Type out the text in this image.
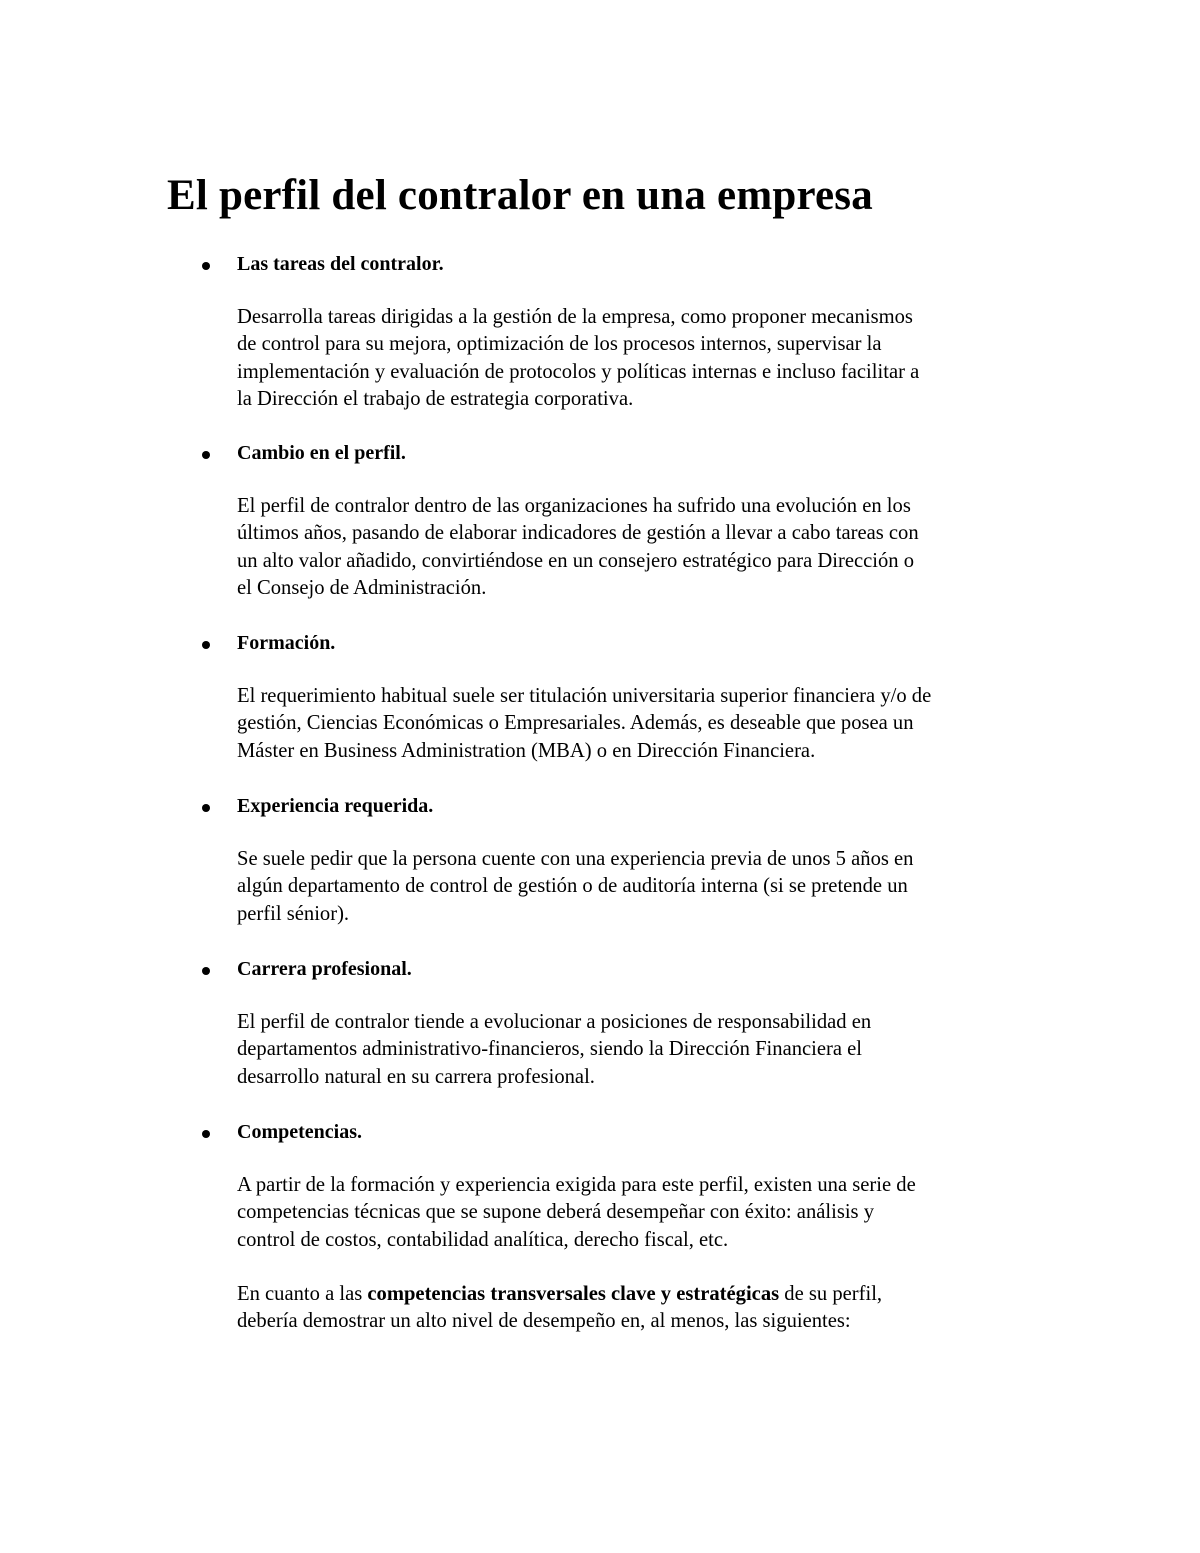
El perfil del contralor en una empresa
Las tareas del contralor.

Desarrolla tareas dirigidas a la gestión de la empresa, como proponer mecanismos
de control para su mejora, optimización de los procesos internos, supervisar la
implementación y evaluación de protocolos y políticas internas e incluso facilitar a
la Dirección el trabajo de estrategia corporativa.

Cambio en el perfil.

El perfil de contralor dentro de las organizaciones ha sufrido una evolución en los
últimos años, pasando de elaborar indicadores de gestión a llevar a cabo tareas con
un alto valor añadido, convirtiéndose en un consejero estratégico para Dirección o
el Consejo de Administración.

Formación.

El requerimiento habitual suele ser titulación universitaria superior financiera y/o de
gestión, Ciencias Económicas o Empresariales. Además, es deseable que posea un
Máster en Business Administration (MBA) o en Dirección Financiera.

Experiencia requerida.

Se suele pedir que la persona cuente con una experiencia previa de unos 5 años en
algún departamento de control de gestión o de auditoría interna (si se pretende un
perfil sénior).

Carrera profesional.

El perfil de contralor tiende a evolucionar a posiciones de responsabilidad en
departamentos administrativo-financieros, siendo la Dirección Financiera el
desarrollo natural en su carrera profesional.

Competencias.

A partir de la formación y experiencia exigida para este perfil, existen una serie de
competencias técnicas que se supone deberá desempeñar con éxito: análisis y
control de costos, contabilidad analítica, derecho fiscal, etc.

En cuanto a las competencias transversales clave y estratégicas de su perfil,
debería demostrar un alto nivel de desempeño en, al menos, las siguientes:
